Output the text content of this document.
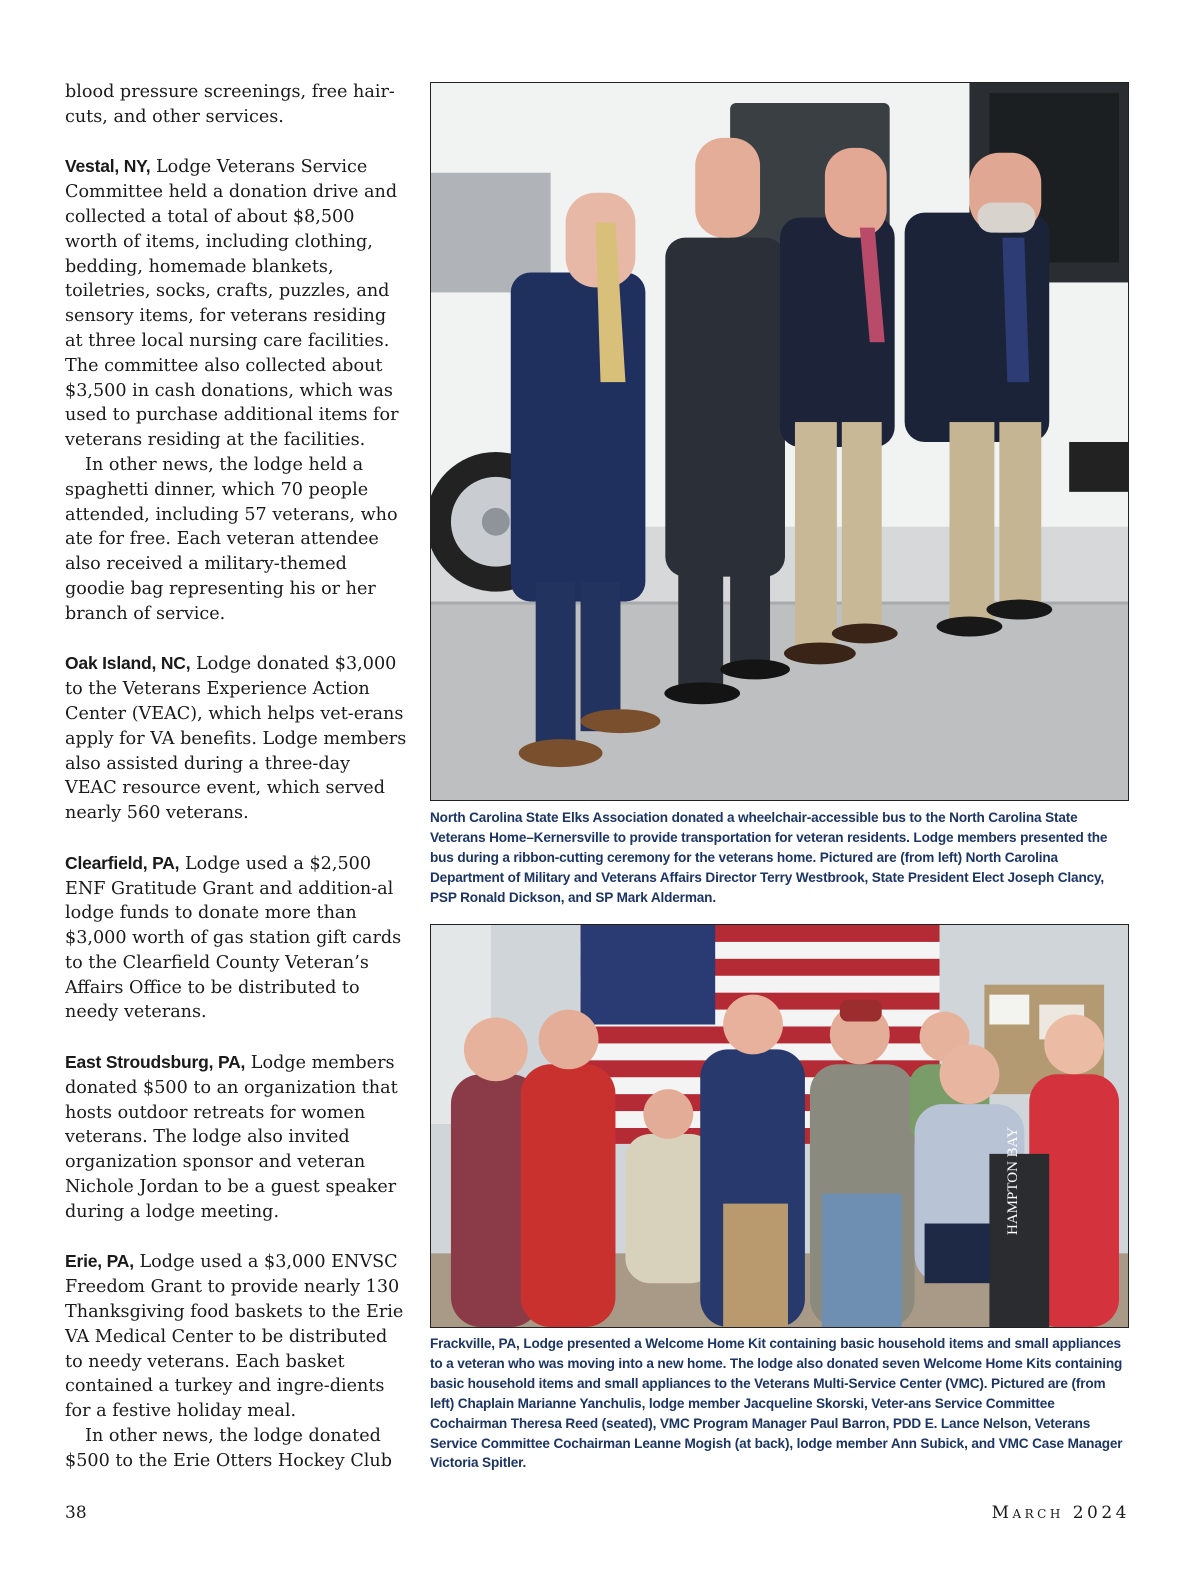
blood pressure screenings, free hair-cuts, and other services.

Vestal, NY, Lodge Veterans Service Committee held a donation drive and collected a total of about $8,500 worth of items, including clothing, bedding, homemade blankets, toiletries, socks, crafts, puzzles, and sensory items, for veterans residing at three local nursing care facilities. The committee also collected about $3,500 in cash donations, which was used to purchase additional items for veterans residing at the facilities.

In other news, the lodge held a spaghetti dinner, which 70 people attended, including 57 veterans, who ate for free. Each veteran attendee also received a military-themed goodie bag representing his or her branch of service.

Oak Island, NC, Lodge donated $3,000 to the Veterans Experience Action Center (VEAC), which helps vet-erans apply for VA benefits. Lodge members also assisted during a three-day VEAC resource event, which served nearly 560 veterans.

Clearfield, PA, Lodge used a $2,500 ENF Gratitude Grant and addition-al lodge funds to donate more than $3,000 worth of gas station gift cards to the Clearfield County Veteran’s Affairs Office to be distributed to needy veterans.

East Stroudsburg, PA, Lodge members donated $500 to an organization that hosts outdoor retreats for women veterans. The lodge also invited organization sponsor and veteran Nichole Jordan to be a guest speaker during a lodge meeting.

Erie, PA, Lodge used a $3,000 ENVSC Freedom Grant to provide nearly 130 Thanksgiving food baskets to the Erie VA Medical Center to be distributed to needy veterans. Each basket contained a turkey and ingre-dients for a festive holiday meal.

In other news, the lodge donated $500 to the Erie Otters Hockey Club

North Carolina State Elks Association donated a wheelchair-accessible bus to the North Carolina State Veterans Home–Kernersville to provide transportation for veteran residents. Lodge members presented the bus during a ribbon-cutting ceremony for the veterans home. Pictured are (from left) North Carolina Department of Military and Veterans Affairs Director Terry Westbrook, State President Elect Joseph Clancy, PSP Ronald Dickson, and SP Mark Alderman.
HAMPTON BAY
Frackville, PA, Lodge presented a Welcome Home Kit containing basic household items and small appliances to a veteran who was moving into a new home. The lodge also donated seven Welcome Home Kits containing basic household items and small appliances to the Veterans Multi-Service Center (VMC). Pictured are (from left) Chaplain Marianne Yanchulis, lodge member Jacqueline Skorski, Veter-ans Service Committee Cochairman Theresa Reed (seated), VMC Program Manager Paul Barron, PDD E. Lance Nelson, Veterans Service Committee Cochairman Leanne Mogish (at back), lodge member Ann Subick, and VMC Case Manager Victoria Spitler.
38	March 2024
